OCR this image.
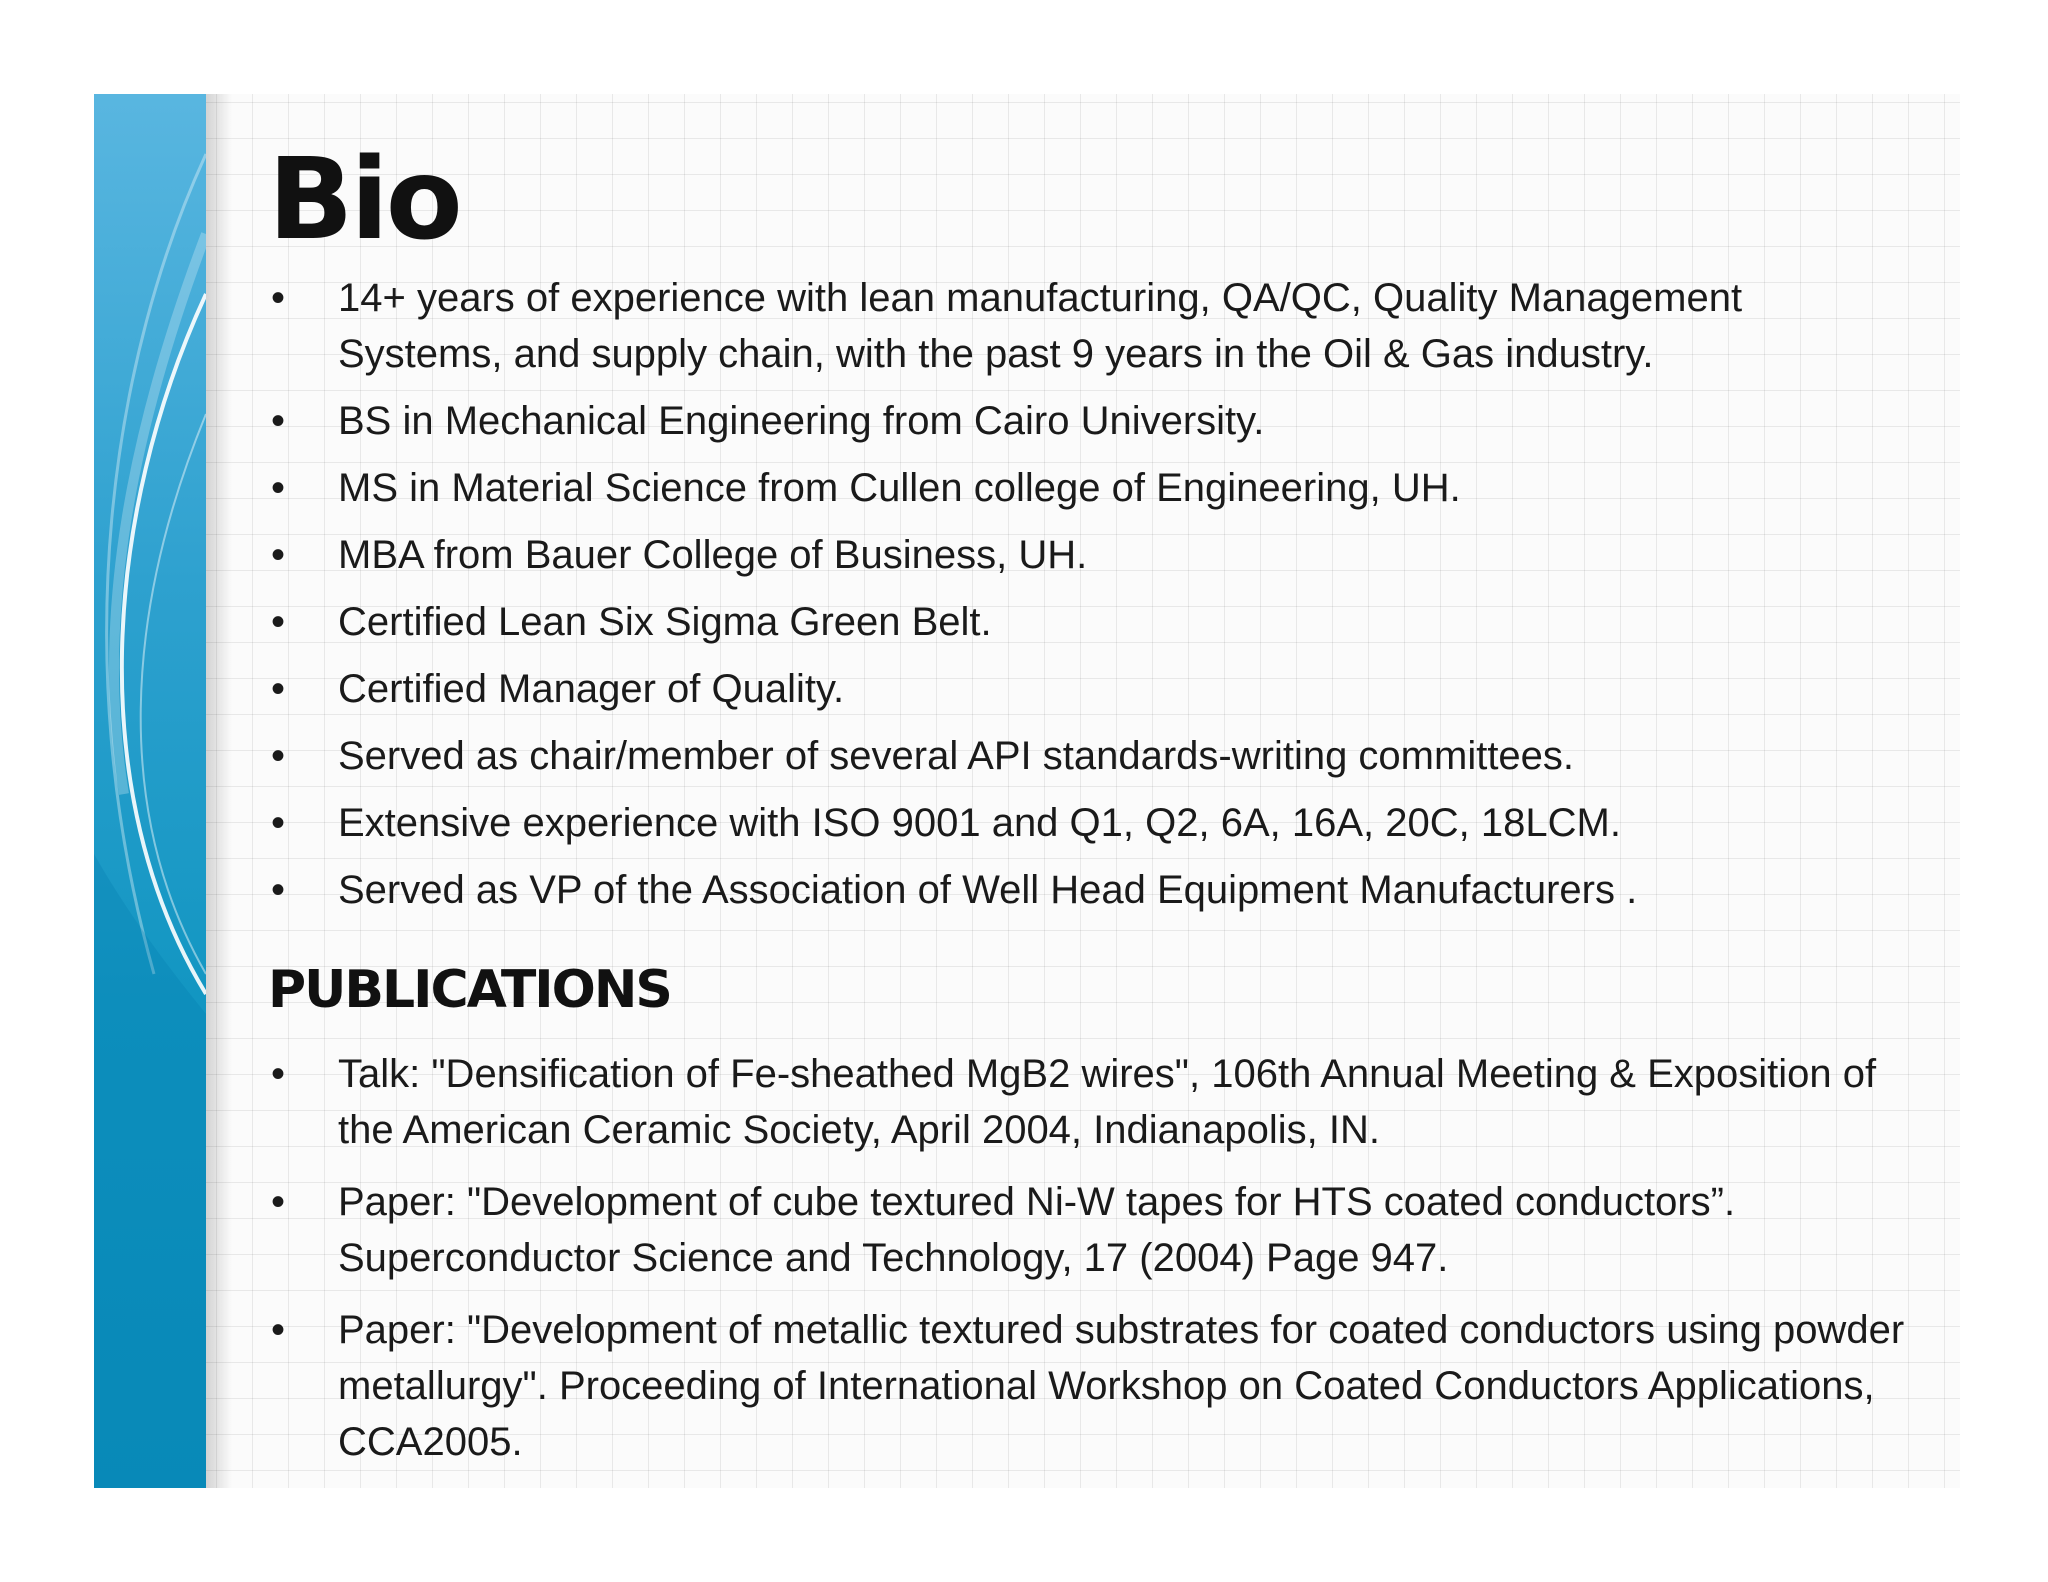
Bio
• 14+ years of experience with lean manufacturing, QA/QC, Quality Management Systems, and supply chain, with the past 9 years in the Oil & Gas industry.
• BS in Mechanical Engineering from Cairo University.
• MS in Material Science from Cullen college of Engineering, UH.
• MBA from Bauer College of Business, UH.
• Certified Lean Six Sigma Green Belt.
• Certified Manager of Quality.
• Served as chair/member of several API standards-writing committees.
• Extensive experience with ISO 9001 and Q1, Q2, 6A, 16A, 20C, 18LCM.
• Served as VP of the Association of Well Head Equipment Manufacturers .
PUBLICATIONS
• Talk: "Densification of Fe-sheathed MgB2 wires", 106th Annual Meeting & Exposition of the American Ceramic Society, April 2004, Indianapolis, IN.
• Paper: "Development of cube textured Ni-W tapes for HTS coated conductors”. Superconductor Science and Technology, 17 (2004) Page 947.
• Paper: "Development of metallic textured substrates for coated conductors using powder metallurgy". Proceeding of International Workshop on Coated Conductors Applications, CCA2005.
